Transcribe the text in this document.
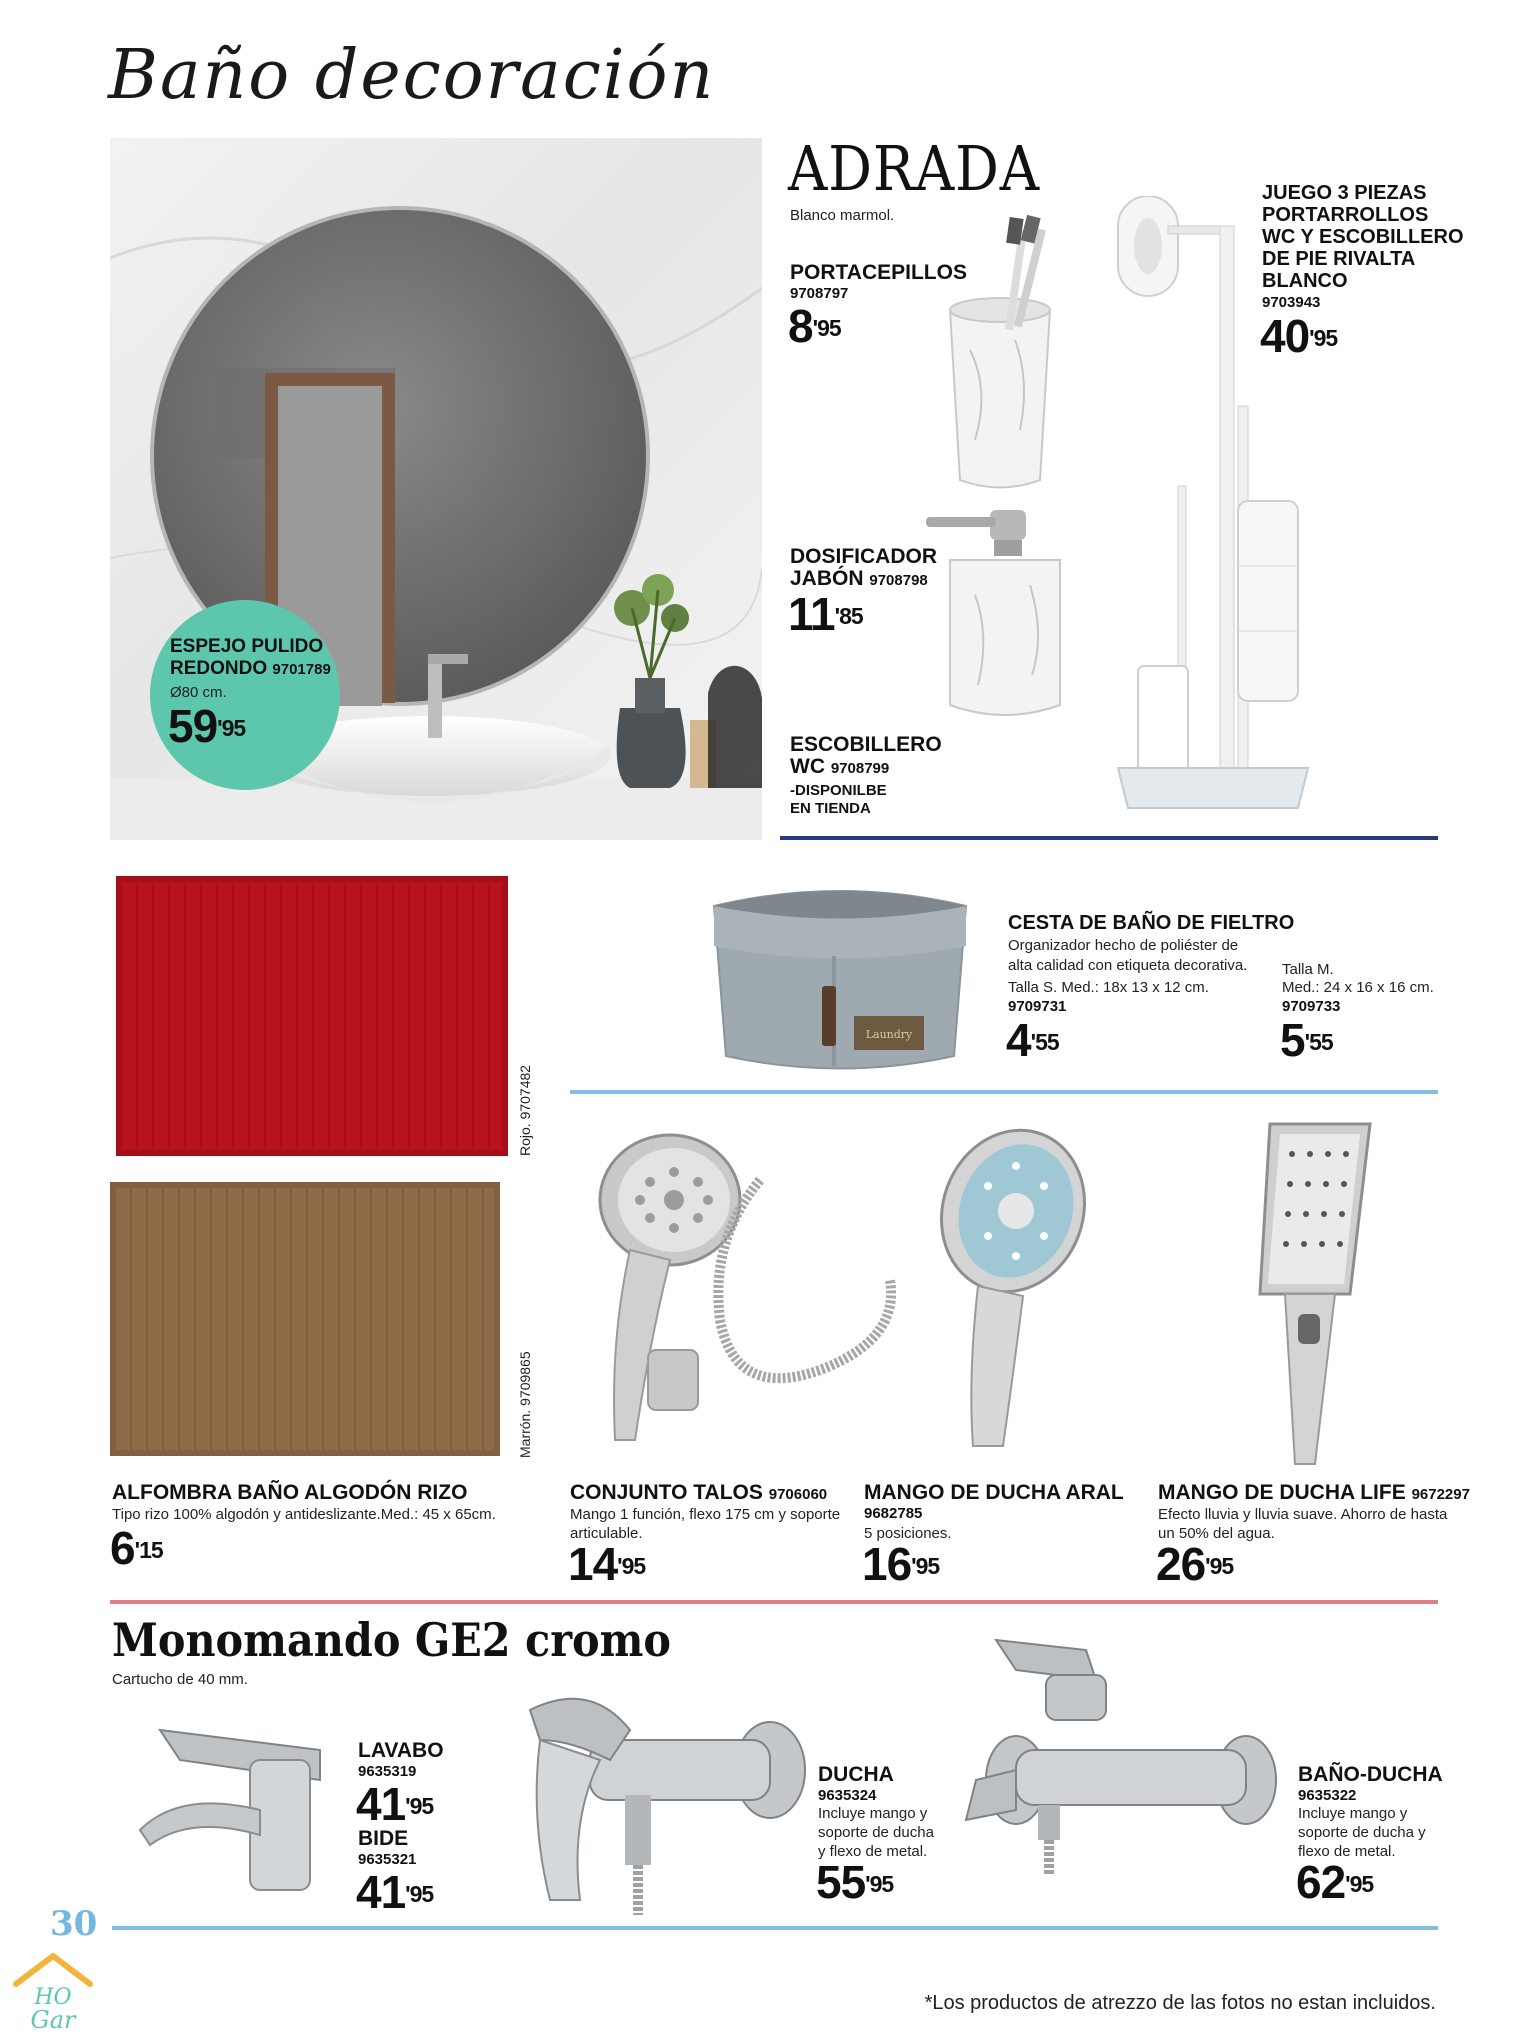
Baño decoración
ESPEJO PULIDO
REDONDO 9701789
Ø80 cm.
$59^{'95}$
ADRADA
Blanco marmol.
PORTACEPILLOS
9708797
$8^{'95}$
DOSIFICADOR
JABÓN 9708798
$11^{'85}$
ESCOBILLERO
WC 9708799
-DISPONILBE
EN TIENDA
JUEGO 3 PIEZAS
PORTARROLLOS
WC Y ESCOBILLERO
DE PIE RIVALTA
BLANCO
9703943
$40^{'95}$
Rojo. 9707482
Marrón. 9709865
ALFOMBRA BAÑO ALGODÓN RIZO
Tipo rizo 100% algodón y antideslizante.Med.: 45 x 65cm.
$6^{'15}$
Laundry
CESTA DE BAÑO DE FIELTRO
Organizador hecho de poliéster de
alta calidad con etiqueta decorativa.
Talla S. Med.: 18x 13 x 12 cm.
9709731
$4^{'55}$
Talla M.
Med.: 24 x 16 x 16 cm.
9709733
$5^{'55}$
CONJUNTO TALOS 9706060
Mango 1 función, flexo 175 cm y soporte
articulable.
$14^{'95}$
MANGO DE DUCHA ARAL
9682785
5 posiciones.
$16^{'95}$
MANGO DE DUCHA LIFE 9672297
Efecto lluvia y lluvia suave. Ahorro de hasta
un 50% del agua.
$26^{'95}$
Monomando GE2 cromo
Cartucho de 40 mm.
LAVABO
9635319
$41^{'95}$
BIDE
9635321
$41^{'95}$
DUCHA
9635324
Incluye mango y
soporte de ducha
y flexo de metal.
$55^{'95}$
BAÑO-DUCHA
9635322
Incluye mango y
soporte de ducha y
flexo de metal.
$62^{'95}$
30
HO
Gar
*Los productos de atrezzo de las fotos no estan incluidos.
